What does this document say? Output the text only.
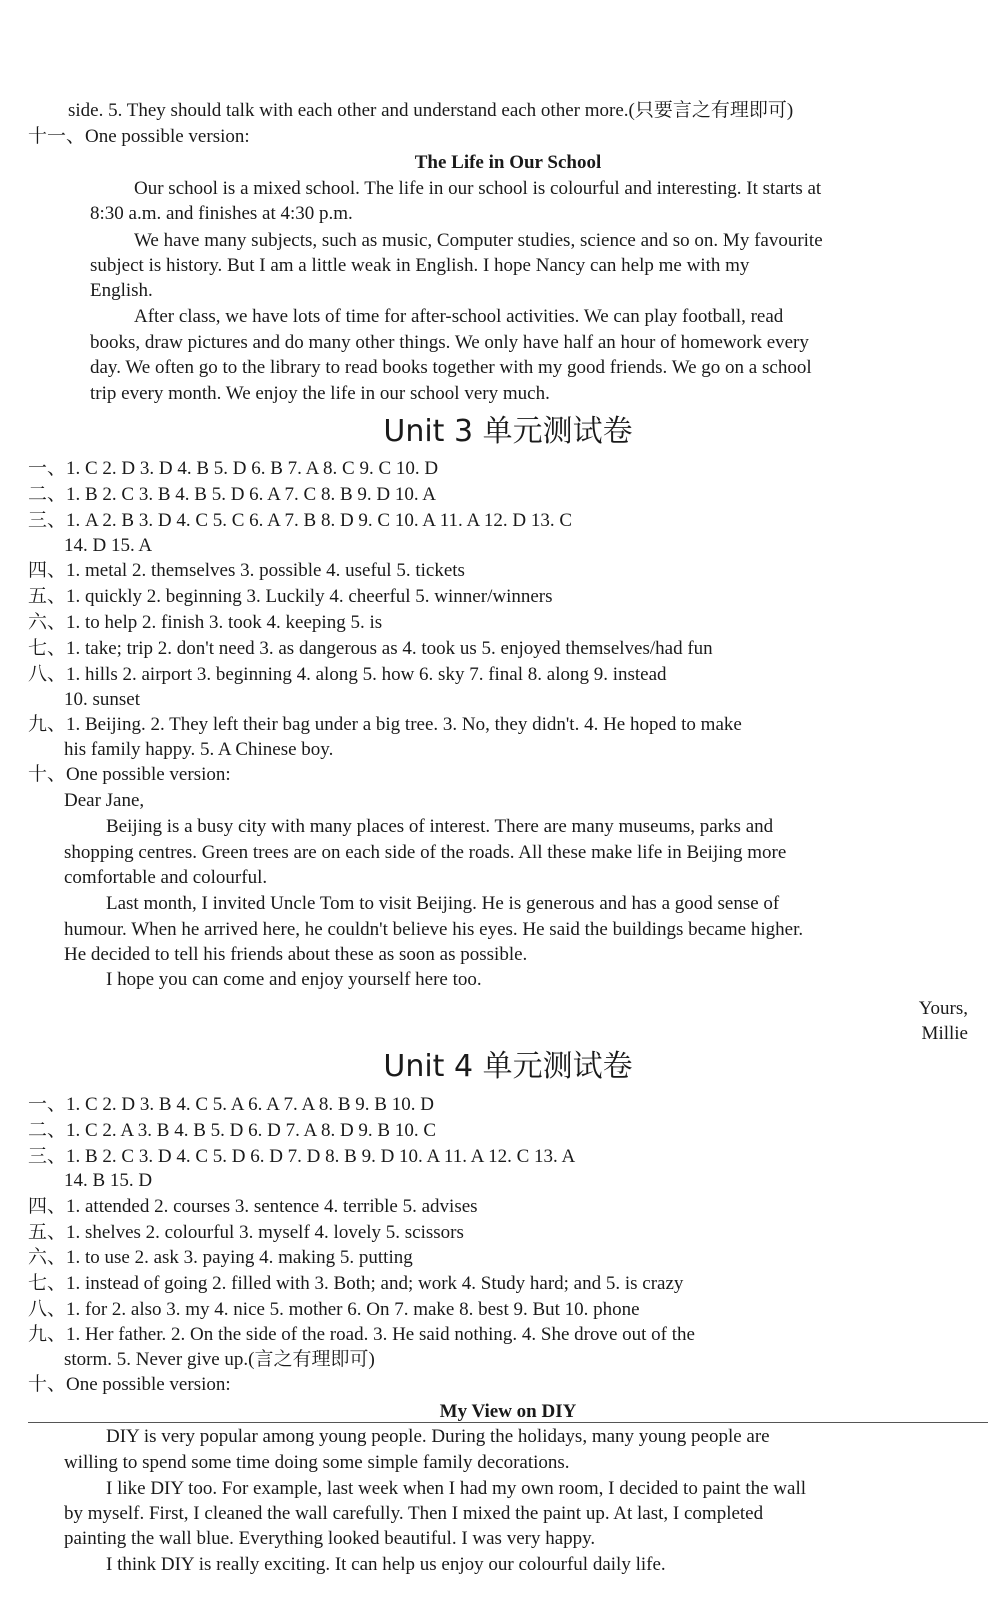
side. 5. They should talk with each other and understand each other more.(只要言之有理即可)
十一、One possible version:
The Life in Our School
Our school is a mixed school. The life in our school is colourful and interesting. It starts at
8:30 a.m. and finishes at 4:30 p.m.
We have many subjects, such as music, Computer studies, science and so on. My favourite
subject is history. But I am a little weak in English. I hope Nancy can help me with my
English.
After class, we have lots of time for after-school activities. We can play football, read
books, draw pictures and do many other things. We only have half an hour of homework every
day. We often go to the library to read books together with my good friends. We go on a school
trip every month. We enjoy the life in our school very much.
Unit 3 单元测试卷
一、1. C 2. D 3. D 4. B 5. D 6. B 7. A 8. C 9. C 10. D
二、1. B 2. C 3. B 4. B 5. D 6. A 7. C 8. B 9. D 10. A
三、1. A 2. B 3. D 4. C 5. C 6. A 7. B 8. D 9. C 10. A 11. A 12. D 13. C
14. D 15. A
四、1. metal 2. themselves 3. possible 4. useful 5. tickets
五、1. quickly 2. beginning 3. Luckily 4. cheerful 5. winner/winners
六、1. to help 2. finish 3. took 4. keeping 5. is
七、1. take; trip 2. don't need 3. as dangerous as 4. took us 5. enjoyed themselves/had fun
八、1. hills 2. airport 3. beginning 4. along 5. how 6. sky 7. final 8. along 9. instead
10. sunset
九、1. Beijing. 2. They left their bag under a big tree. 3. No, they didn't. 4. He hoped to make
his family happy. 5. A Chinese boy.
十、One possible version:
Dear Jane,
Beijing is a busy city with many places of interest. There are many museums, parks and
shopping centres. Green trees are on each side of the roads. All these make life in Beijing more
comfortable and colourful.
Last month, I invited Uncle Tom to visit Beijing. He is generous and has a good sense of
humour. When he arrived here, he couldn't believe his eyes. He said the buildings became higher.
He decided to tell his friends about these as soon as possible.
I hope you can come and enjoy yourself here too.
Yours,
Millie
Unit 4 单元测试卷
一、1. C 2. D 3. B 4. C 5. A 6. A 7. A 8. B 9. B 10. D
二、1. C 2. A 3. B 4. B 5. D 6. D 7. A 8. D 9. B 10. C
三、1. B 2. C 3. D 4. C 5. D 6. D 7. D 8. B 9. D 10. A 11. A 12. C 13. A
14. B 15. D
四、1. attended 2. courses 3. sentence 4. terrible 5. advises
五、1. shelves 2. colourful 3. myself 4. lovely 5. scissors
六、1. to use 2. ask 3. paying 4. making 5. putting
七、1. instead of going 2. filled with 3. Both; and; work 4. Study hard; and 5. is crazy
八、1. for 2. also 3. my 4. nice 5. mother 6. On 7. make 8. best 9. But 10. phone
九、1. Her father. 2. On the side of the road. 3. He said nothing. 4. She drove out of the
storm. 5. Never give up.(言之有理即可)
十、One possible version:
My View on DIY
DIY is very popular among young people. During the holidays, many young people are
willing to spend some time doing some simple family decorations.
I like DIY too. For example, last week when I had my own room, I decided to paint the wall
by myself. First, I cleaned the wall carefully. Then I mixed the paint up. At last, I completed
painting the wall blue. Everything looked beautiful. I was very happy.
I think DIY is really exciting. It can help us enjoy our colourful daily life.
